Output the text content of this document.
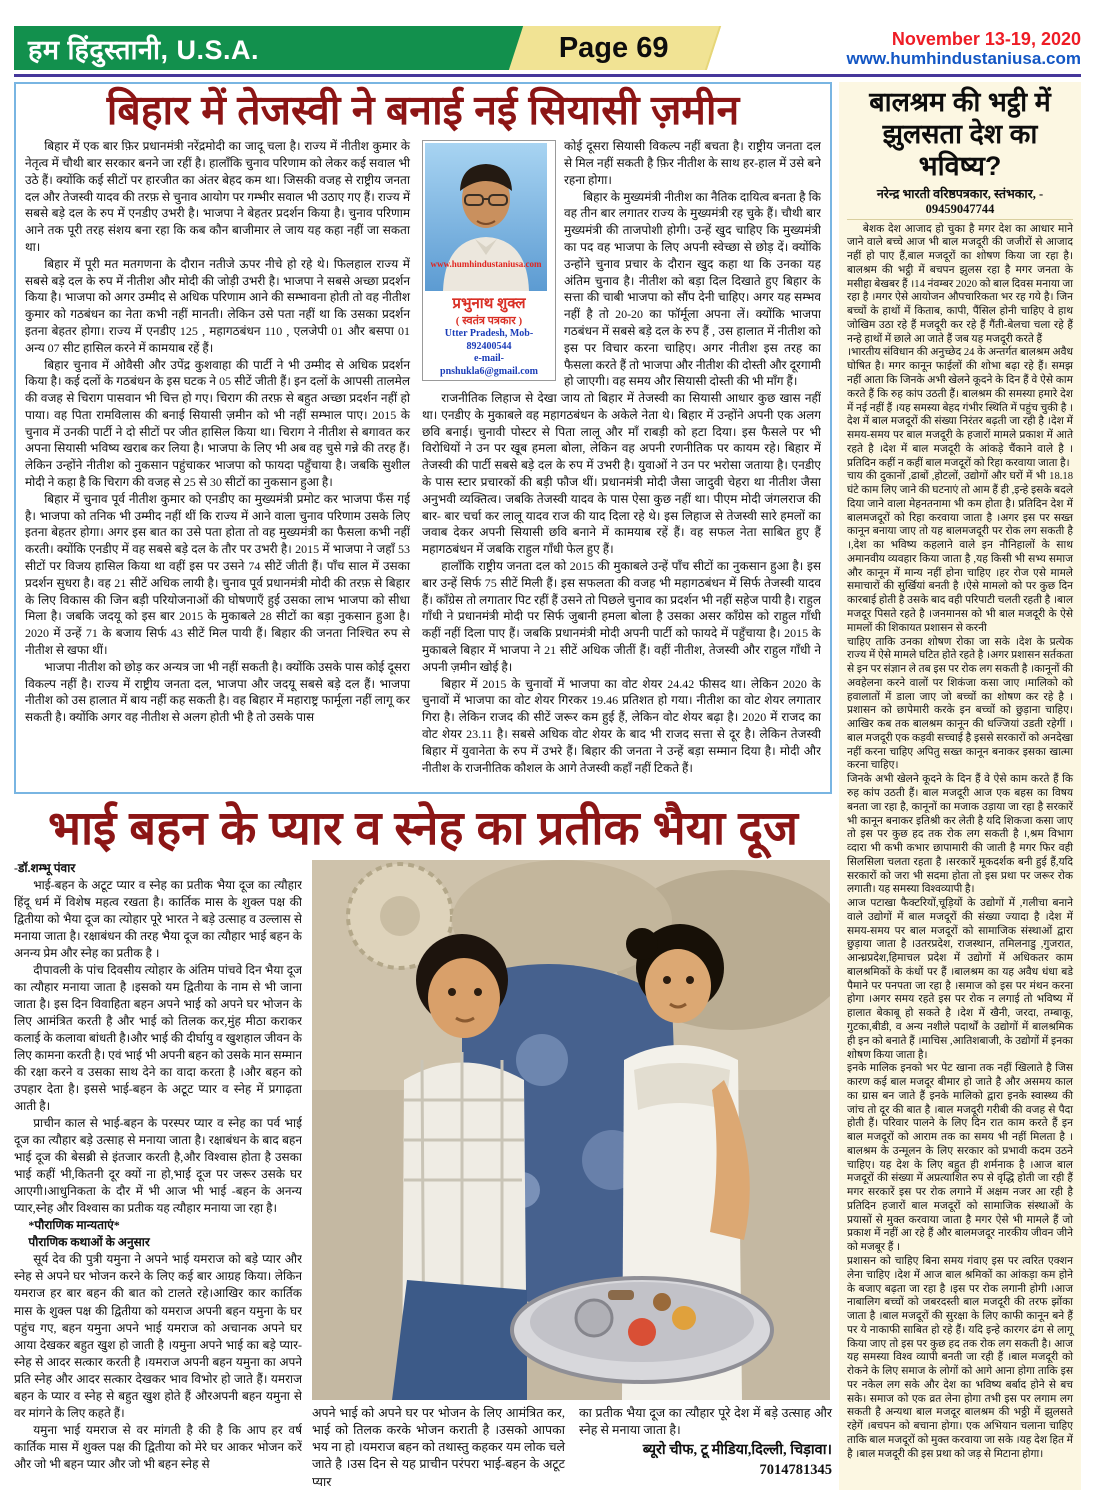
हम हिंदुस्तानी, U.S.A.	Page 69	November 13-19, 2020
www.humhindustaniusa.com
बिहार में तेजस्वी ने बनाई नई सियासी ज़मीन

बिहार में एक बार फ़िर प्रधानमंत्री नरेंद्रमोदी का जादू चला है। राज्य में नीतीश कुमार के नेतृत्व में चौथी बार सरकार बनने जा रहीं है। हालाँकि चुनाव परिणाम को लेकर कई सवाल भी उठे हैं। क्योंकि कई सीटों पर हारजीत का अंतर बेहद कम था। जिसकी वजह से राष्ट्रीय जनता दल और तेजस्वी यादव की तरफ़ से चुनाव आयोग पर गम्भीर सवाल भी उठाए गए हैं। राज्य में सबसे बड़े दल के रुप में एनडीए उभरी है। भाजपा ने बेहतर प्रदर्शन किया है। चुनाव परिणाम आने तक पूरी तरह संशय बना रहा कि कब कौन बाजीमार ले जाय यह कहा नहीं जा सकता था।

बिहार में पूरी मत मतगणना के दौरान नतीजे ऊपर नीचे हो रहे थे। फिलहाल राज्य में सबसे बड़े दल के रुप में नीतीश और मोदी की जोड़ी उभरी है। भाजपा ने सबसे अच्छा प्रदर्शन किया है। भाजपा को अगर उम्मीद से अधिक परिणाम आने की सम्भावना होती तो वह नीतीश कुमार को गठबंधन का नेता कभी नहीं मानती। लेकिन उसे पता नहीं था कि उसका प्रदर्शन इतना बेहतर होगा। राज्य में एनडीए 125 , महागठबंधन 110 , एलजेपी 01 और बसपा 01 अन्य 07 सीट हासिल करने में कामयाब रहें हैं।

बिहार चुनाव में ओवैसी और उपेंद्र कुशवाहा की पार्टी ने भी उम्मीद से अधिक प्रदर्शन किया है। कई दलों के गठबंधन के इस घटक ने 05 सीटें जीती हैं। इन दलों के आपसी तालमेल की वजह से चिराग पासवान भी चित्त हो गए। चिराग की तरफ़ से बहुत अच्छा प्रदर्शन नहीं हो पाया। वह पिता रामविलास की बनाई सियासी ज़मीन को भी नहीं सम्भाल पाए। 2015 के चुनाव में उनकी पार्टी ने दो सीटों पर जीत हासिल किया था। चिराग ने नीतीश से बगावत कर अपना सियासी भविष्य खराब कर लिया है। भाजपा के लिए भी अब वह चुसे गन्ने की तरह हैं। लेकिन उन्होंने नीतीश को नुकसान पहुंचाकर भाजपा को फायदा पहुँचाया है। जबकि सुशील मोदी ने कहा है कि चिराग की वजह से 25 से 30 सीटों का नुकसान हुआ है।

बिहार में चुनाव पूर्व नीतीश कुमार को एनडीए का मुख्यमंत्री प्रमोट कर भाजपा फँस गई है। भाजपा को तनिक भी उम्मीद नहीं थीं कि राज्य में आने वाला चुनाव परिणाम उसके लिए इतना बेहतर होगा। अगर इस बात का उसे पता होता तो वह मुख्यमंत्री का फैसला कभी नहीं करती। क्योंकि एनडीए में वह सबसे बड़े दल के तौर पर उभरी है। 2015 में भाजपा ने जहाँ 53 सीटों पर विजय हासिल किया था वहीं इस पर उसने 74 सीटें जीती हैं। पाँच साल में उसका प्रदर्शन सुधरा है। वह 21 सीटें अधिक लायी है। चुनाव पूर्व प्रधानमंत्री मोदी की तरफ़ से बिहार के लिए विकास की जिन बड़ी परियोजनाओं की घोषणाएँ हुई उसका लाभ भाजपा को सीधा मिला है। जबकि जदयू को इस बार 2015 के मुकाबले 28 सीटों का बड़ा नुकसान हुआ है। 2020 में उन्हें 71 के बजाय सिर्फ 43 सीटें मिल पायी हैं। बिहार की जनता निश्चित रुप से नीतीश से खफा थीं।

भाजपा नीतीश को छोड़ कर अन्यत्र जा भी नहीं सकती है। क्योंकि उसके पास कोई दूसरा विकल्प नहीं है। राज्य में राष्ट्रीय जनता दल, भाजपा और जदयू सबसे बड़े दल हैं। भाजपा नीतीश को उस हालात में बाय नहीं कह सकती है। वह बिहार में महाराष्ट्र फार्मूला नहीं लागू कर सकती है। क्योंकि अगर वह नीतीश से अलग होती भी है तो उसके पास

www.humhindustaniusa.com
प्रभुनाथ शुक्ल
( स्वतंत्र पत्रकार )
Utter Pradesh, Mob-892400544
e-mail- pnshukla6@gmail.com

कोई दूसरा सियासी विकल्प नहीं बचता है। राष्ट्रीय जनता दल से मिल नहीं सकती है फ़िर नीतीश के साथ हर-हाल में उसे बने रहना होगा।

बिहार के मुख्यमंत्री नीतीश का नैतिक दायित्व बनता है कि वह तीन बार लगातर राज्य के मुख्यमंत्री रह चुके हैं। चौथी बार मुख्यमंत्री की ताजपोशी होगी। उन्हें खुद चाहिए कि मुख्यमंत्री का पद वह भाजपा के लिए अपनी स्वेच्छा से छोड़ दें। क्योंकि उन्होंने चुनाव प्रचार के दौरान खुद कहा था कि उनका यह अंतिम चुनाव है। नीतीश को बड़ा दिल दिखाते हुए बिहार के सत्ता की चाबी भाजपा को सौंप देनी चाहिए। अगर यह सम्भव नहीं है तो 20-20 का फॉर्मूला अपना लें। क्योंकि भाजपा गठबंधन में सबसे बड़े दल के रुप हैं , उस हालात में नीतीश को इस पर विचार करना चाहिए। अगर नीतीश इस तरह का फैसला करते हैं तो भाजपा और नीतीश की दोस्ती और दूरगामी हो जाएगी। वह समय और सियासी दोस्ती की भी माँग हैं।

राजनीतिक लिहाज से देखा जाय तो बिहार में तेजस्वी का सियासी आधार कुछ खास नहीं था। एनडीए के मुकाबले वह महागठबंधन के अकेले नेता थे। बिहार में उन्होंने अपनी एक अलग छवि बनाई। चुनावी पोस्टर से पिता लालू और माँ राबड़ी को हटा दिया। इस फैसले पर भी विरोधियों ने उन पर खूब हमला बोला, लेकिन वह अपनी रणनीतिक पर कायम रहे। बिहार में तेजस्वी की पार्टी सबसे बड़े दल के रुप में उभरी है। युवाओं ने उन पर भरोसा जताया है। एनडीए के पास स्टार प्रचारकों की बड़ी फौज थीं। प्रधानमंत्री मोदी जैसा जादुवी चेहरा था नीतीश जैसा अनुभवी व्यक्तित्व। जबकि तेजस्वी यादव के पास ऐसा कुछ नहीं था। पीएम मोदी जंगलराज की बार- बार चर्चा कर लालू यादव राज की याद दिला रहे थे। इस लिहाज से तेजस्वी सारे हमलों का जवाब देकर अपनी सियासी छवि बनाने में कामयाब रहें हैं। वह सफल नेता साबित हुए हैं महागठबंधन में जबकि राहुल गाँधी फेल हुए हैं।

हालाँकि राष्ट्रीय जनता दल को 2015 की मुकाबले उन्हें पाँच सीटों का नुकसान हुआ है। इस बार उन्हें सिर्फ 75 सीटें मिली हैं। इस सफलता की वजह भी महागठबंधन में सिर्फ तेजस्वी यादव हैं। काँग्रेस तो लगातार पिट रहीं हैं उसने तो पिछले चुनाव का प्रदर्शन भी नहीं सहेज पायी है। राहुल गाँधी ने प्रधानमंत्री मोदी पर सिर्फ जुबानी हमला बोला है उसका असर काँग्रेस को राहुल गाँधी कहीं नहीं दिला पाए हैं। जबकि प्रधानमंत्री मोदी अपनी पार्टी को फायदे में पहुँचाया है। 2015 के मुकाबले बिहार में भाजपा ने 21 सीटें अधिक जीतीं हैं। वहीं नीतीश, तेजस्वी और राहुल गाँधी ने अपनी ज़मीन खोई है।

बिहार में 2015 के चुनावों में भाजपा का वोट शेयर 24.42 फीसद था। लेकिन 2020 के चुनावों में भाजपा का वोट शेयर गिरकर 19.46 प्रतिशत हो गया। नीतीश का वोट शेयर लगातार गिरा है। लेकिन राजद की सीटें जरूर कम हुई हैं, लेकिन वोट शेयर बढ़ा है। 2020 में राजद का वोट शेयर 23.11 है। सबसे अधिक वोट शेयर के बाद भी राजद सत्ता से दूर है। लेकिन तेजस्वी बिहार में युवानेता के रुप में उभरे हैं। बिहार की जनता ने उन्हें बड़ा सम्मान दिया है। मोदी और नीतीश के राजनीतिक कौशल के आगे तेजस्वी कहाँ नहीं टिकते हैं।

भाई बहन के प्यार व स्नेह का प्रतीक भैया दूज

-डॉ.शम्भू पंवार

भाई-बहन के अटूट प्यार व स्नेह का प्रतीक भैया दूज का त्यौहार हिंदू धर्म में विशेष महत्व रखता है। कार्तिक मास के शुक्ल पक्ष की द्वितीया को भैया दूज का त्योहार पूरे भारत ने बड़े उत्साह व उल्लास से मनाया जाता है। रक्षाबंधन की तरह भैया दूज का त्यौहार भाई बहन के अनन्य प्रेम और स्नेह का प्रतीक है ।

दीपावली के पांच दिवसीय त्योहार के अंतिम पांचवे दिन भैया दूज का त्यौहार मनाया जाता है ।इसको यम द्वितीया के नाम से भी जाना जाता है। इस दिन विवाहिता बहन अपने भाई को अपने घर भोजन के लिए आमंत्रित करती है और भाई को तिलक कर,मुंह मीठा कराकर कलाई के कलावा बांधती है।और भाई की दीर्घायु व खुशहाल जीवन के लिए कामना करती है। एवं भाई भी अपनी बहन को उसके मान सम्मान की रक्षा करने व उसका साथ देने का वादा करता है ।और बहन को उपहार देता है। इससे भाई-बहन के अटूट प्यार व स्नेह में प्रगाढ़ता आती है।

प्राचीन काल से भाई-बहन के परस्पर प्यार व स्नेह का पर्व भाई दूज का त्यौहार बड़े उत्साह से मनाया जाता है। रक्षाबंधन के बाद बहन भाई दूज की बेसब्री से इंतजार करती है,और विश्वास होता है उसका भाई कहीं भी,कितनी दूर क्यों ना हो,भाई दूज पर जरूर उसके घर आएगी।आधुनिकता के दौर में भी आज भी भाई -बहन के अनन्य प्यार,स्नेह और विश्वास का प्रतीक यह त्यौहार मनाया जा रहा है।

*पौराणिक मान्यताएं*

पौराणिक कथाओं के अनुसार

सूर्य देव की पुत्री यमुना ने अपने भाई यमराज को बड़े प्यार और स्नेह से अपने घर भोजन करने के लिए कई बार आग्रह किया। लेकिन यमराज हर बार बहन की बात को टालते रहे।आखिर कार कार्तिक मास के शुक्ल पक्ष की द्वितीया को यमराज अपनी बहन यमुना के घर पहुंच गए, बहन यमुना अपने भाई यमराज को अचानक अपने घर आया देखकर बहुत खुश हो जाती है ।यमुना अपने भाई का बड़े प्यार-स्नेह से आदर सत्कार करती है ।यमराज अपनी बहन यमुना का अपने प्रति स्नेह और आदर सत्कार देखकर भाव विभोर हो जाते हैं। यमराज बहन के प्यार व स्नेह से बहुत खुश होते हैं औरअपनी बहन यमुना से वर मांगने के लिए कहते हैं।

यमुना भाई यमराज से वर मांगती है की है कि आप हर वर्ष कार्तिक मास में शुक्ल पक्ष की द्वितीया को मेरे घर आकर भोजन करें और जो भी बहन प्यार और जो भी बहन स्नेह से

अपने भाई को अपने घर पर भोजन के लिए आमंत्रित कर, भाई को तिलक करके भोजन कराती है ।उसको आपका भय ना हो ।यमराज बहन को तथास्तु कहकर यम लोक चले जाते है ।उस दिन से यह प्राचीन परंपरा भाई-बहन के अटूट प्यार

का प्रतीक भैया दूज का त्यौहार पूरे देश में बड़े उत्साह और स्नेह से मनाया जाता है।

ब्यूरो चीफ, टू मीडिया,दिल्ली, चिड़ावा।
7014781345
बालश्रम की भट्ठी में
झुलसता देश का भविष्य?
नरेन्द्र भारती वरिष्ठपत्रकार, स्तंभकार, - 09459047744

बेशक देश आजाद हो चुका है मगर देश का आधार माने जाने वाले बच्चे आज भी बाल मजदूरी की जजीरों से आजाद नहीं हो पाए हैं,बाल मजदूरों का शोषण किया जा रहा है। बालश्रम की भट्ठी में बचपन झुलस रहा है मगर जनता के मसीहा बेखबर हैं ।14 नंवम्बर 2020 को बाल दिवस मनाया जा रहा है ।मगर ऐसे आयोजन औपचारिकता भर रह गये है। जिन बच्चों के हाथों में किताब, कापी, पैंसिल होनी चाहिए वे हाथ जोखिम उठा रहे हैं मजदूरी कर रहे हैं गैंती-बेलचा चला रहे हैं नन्हे हाथों में छाले आ जाते हैं जब यह मजदूरी करते हैं

।भारतीय संविधान की अनुच्छेद 24 के अन्तर्गत बालश्रम अवैध घोषित है। मगर कानून फाईलों की शोभा बढ़ा रहे हैं। समझ नहीं आता कि जिनके अभी खेलने कूदने के दिन हैं वे ऐसे काम करते हैं कि रुह कांप उठती हैं। बालश्रम की समस्या हमारे देश में नई नहीं हैं ।यह समस्या बेहद गंभीर स्थिति में पहुंच चुकी है ।देश में बाल मजदूरों की संख्या निरंतर बढ़ती जा रही है ।देश में समय-समय पर बाल मजदूरी के हजारों मामले प्रकाश में आते रहते है ।देश में बाल मजदूरी के आंकड़े चैंकाने वाले है ।प्रतिदिन कहीं न कहीं बाल मजदूरों को रिहा करवाया जाता है।

चाय की दुकानों ,ढाबों ,होटलों, उद्योगों और घरों में भी 18.18 घंटे काम लिए जाने की घटनाएं तो आम हैं ही ,इन्हे इसके बदले दिया जाने वाला मेहनतनामा भी कम होता है। प्रतिदिन देश में बालमजदूरों को रिहा करवाया जाता है ।अगर इस पर सख्त कानून बनाया जाए तो यह बालमजदूरी पर रोक लग सकती है ।,देश का भविष्य कहलाने वाले इन नौनिहालों के साथ अमानवीय व्यवहार किया जाता है ,यह किसी भी सभ्य समाज और कानून में मान्य नहीं होना चाहिए ।हर रोज एसे मामले समाचारों की सुर्खियां बनती है ।ऐसे मामलो को पर कुछ दिन कारबाई होती है उसके बाद वही परिपाटी चलती रहती है ।बाल मजदूर पिसते रहते है ।जनमानस को भी बाल मजदूरी के ऐसे मामलों की शिकायत प्रशासन से करनी

चाहिए ताकि उनका शोषण रोका जा सके ।देश के प्रत्येक राज्य में ऐसे मामले घटित होते रहते है ।अगर प्रशासन सर्तकता से इन पर संज्ञान ले तब इस पर रोक लग सकती है ।कानूनों की अवहेलना करने वालों पर शिकंजा कसा जाए ।मालिको को हवालातों में डाला जाए जो बच्चों का शोषण कर रहे है ।प्रशासन को छापेमारी करके इन बच्चों को छुड़ाना चाहिए। आखिर कब तक बालश्रम कानून की धज्जियां उडती रहेगीं ।बाल मजदूरी एक कड़वी सच्चाई है इससे सरकारों को अनदेखा नहीं करना चाहिए अपितु सख्त कानून बनाकर इसका खात्मा करना चाहिए।

जिनके अभी खेलने कूदने के दिन हैं वे ऐसे काम करते हैं कि रुह कांप उठती हैं। बाल मजदूरी आज एक बहस का विषय बनता जा रहा है, कानूनों का मजाक उड़ाया जा रहा है सरकारें भी कानून बनाकर इतिश्री कर लेती है यदि शिकजा कसा जाए तो इस पर कुछ हद तक रोक लग सकती है ।,श्रम विभाग व्दारा भी कभी कभार छापामारी की जाती है मगर फिर वही सिलसिला चलता रहता है ।सरकारें मूकदर्शक बनी हुई हैं,यदि सरकारों को जरा भी सदमा होता तो इस प्रथा पर जरूर रोक लगाती। यह समस्या विश्वव्यापी है।

आज पटाखा फैक्टरियों,चूड़ियों के उद्योगों में ,गलीचा बनाने वाले उद्योगों में बाल मजदूरों की संख्या ज्यादा है ।देश में समय-समय पर बाल मजदूरों को सामाजिक संस्थाओं द्वारा छुड़ाया जाता है ।उतरप्रदेश, राजस्थान, तमिलनाडु ,गुजरात, आन्ध्रप्रदेश,हिमाचल प्रदेश में उद्योगों में अधिकतर काम बालश्रमिकों के कंधों पर हैं ।बालश्रम का यह अवैध धंधा बडे पैमाने पर पनपता जा रहा है ।समाज को इस पर मंथन करना होगा ।अगर समय रहते इस पर रोक न लगाई तो भविष्य में हालात बेकाबू हो सकते है ।देश में खैनी, जरदा, तम्बाकू, गुटका,बीडी, व अन्य नशीले पदार्थों के उद्योगों में बालश्रमिक ही इन को बनाते हैं ।माचिस ,आतिशबाजी, के उद्योगों में इनका शोषण किया जाता है।

इनके मालिक इनको भर पेट खाना तक नहीं खिलाते है जिस कारण कई बाल मजदूर बीमार हो जाते है और असमय काल का ग्रास बन जाते हैं इनके मालिको द्वारा इनके स्वास्थ्य की जांच तो दूर की बात है ।बाल मजदूरी गरीबी की वजह से पैदा होती हैं। परिवार पालने के लिए दिन रात काम करते हैं इन बाल मजदूरों को आराम तक का समय भी नहीं मिलता है । बालश्रम के उन्मूलन के लिए सरकार को प्रभावी कदम उठने चाहिए। यह देश के लिए बहुत ही शर्मनाक है ।आज बाल मजदूरों की संख्या में अप्रत्याशित रुप से वृद्धि होती जा रही हैं मगर सरकारें इस पर रोक लगाने में अक्षम नजर आ रही है प्रतिदिन हजारों बाल मजदूरों को सामाजिक संस्थाओं के प्रयासों से मुक्त करवाया जाता है मगर ऐसे भी मामले हैं जो प्रकाश में नहीं आ रहे हैं और बालमजदूर नारकीय जीवन जीने को मजबूर हैं ।

प्रशासन को चाहिए बिना समय गंवाए इस पर त्वरित एक्शन लेना चाहिए ।देश में आज बाल श्रमिकों का आंकड़ा कम होने के बजाए बढ़ता जा रहा है ।इस पर रोक लगानी होगी ।आज नाबालिग बच्चों को जबरदस्ती बाल मजदूरी की तरफ झोंका जाता है ।बाल मजदूरों की सुरक्षा के लिए काफी कानून बने हैं पर ये नाकाफी साबित हो रहे हैं। यदि इन्हे कारगर ढंग से लागू किया जाए तो इस पर कुछ हद तक रोक लग सकती है। आज यह समस्या विश्व व्यापी बनती जा रही हैं ।बाल मजदूरी को रोकने के लिए समाज के लोगों को आगे आना होगा ताकि इस पर नकेल लग सके और देश का भविष्य बर्बाद होने से बच सके। समाज को एक व्रत लेना होगा तभी इस पर लगाम लग सकती है अन्यथा बाल मजदूर बालश्रम की भठ्ठी में झुलसते रहेगें ।बचपन को बचाना होगा। एक अभियान चलाना चाहिए ताकि बाल मजदूरों को मुक्त करवाया जा सके ।यह देश हित में है ।बाल मजदूरी की इस प्रथा को जड़ से मिटाना होगा।
